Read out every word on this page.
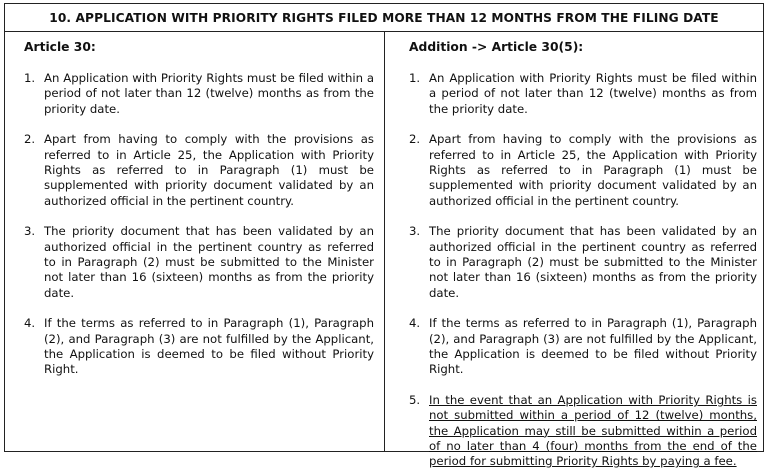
10. APPLICATION WITH PRIORITY RIGHTS FILED MORE THAN 12 MONTHS FROM THE FILING DATE
Article 30:
1. An Application with Priority Rights must be filed within a period of not later than 12 (twelve) months as from the priority date.
2. Apart from having to comply with the provisions as referred to in Article 25, the Application with Priority Rights as referred to in Paragraph (1) must be supplemented with priority document validated by an authorized official in the pertinent country.
3. The priority document that has been validated by an authorized official in the pertinent country as referred to in Paragraph (2) must be submitted to the Minister not later than 16 (sixteen) months as from the priority date.
4. If the terms as referred to in Paragraph (1), Paragraph (2), and Paragraph (3) are not fulfilled by the Applicant, the Application is deemed to be filed without Priority Right.
Addition -> Article 30(5):
1. An Application with Priority Rights must be filed within a period of not later than 12 (twelve) months as from the priority date.
2. Apart from having to comply with the provisions as referred to in Article 25, the Application with Priority Rights as referred to in Paragraph (1) must be supplemented with priority document validated by an authorized official in the pertinent country.
3. The priority document that has been validated by an authorized official in the pertinent country as referred to in Paragraph (2) must be submitted to the Minister not later than 16 (sixteen) months as from the priority date.
4. If the terms as referred to in Paragraph (1), Paragraph (2), and Paragraph (3) are not fulfilled by the Applicant, the Application is deemed to be filed without Priority Right.
5. In the event that an Application with Priority Rights is not submitted within a period of 12 (twelve) months, the Application may still be submitted within a period of no later than 4 (four) months from the end of the period for submitting Priority Rights by paying a fee.
